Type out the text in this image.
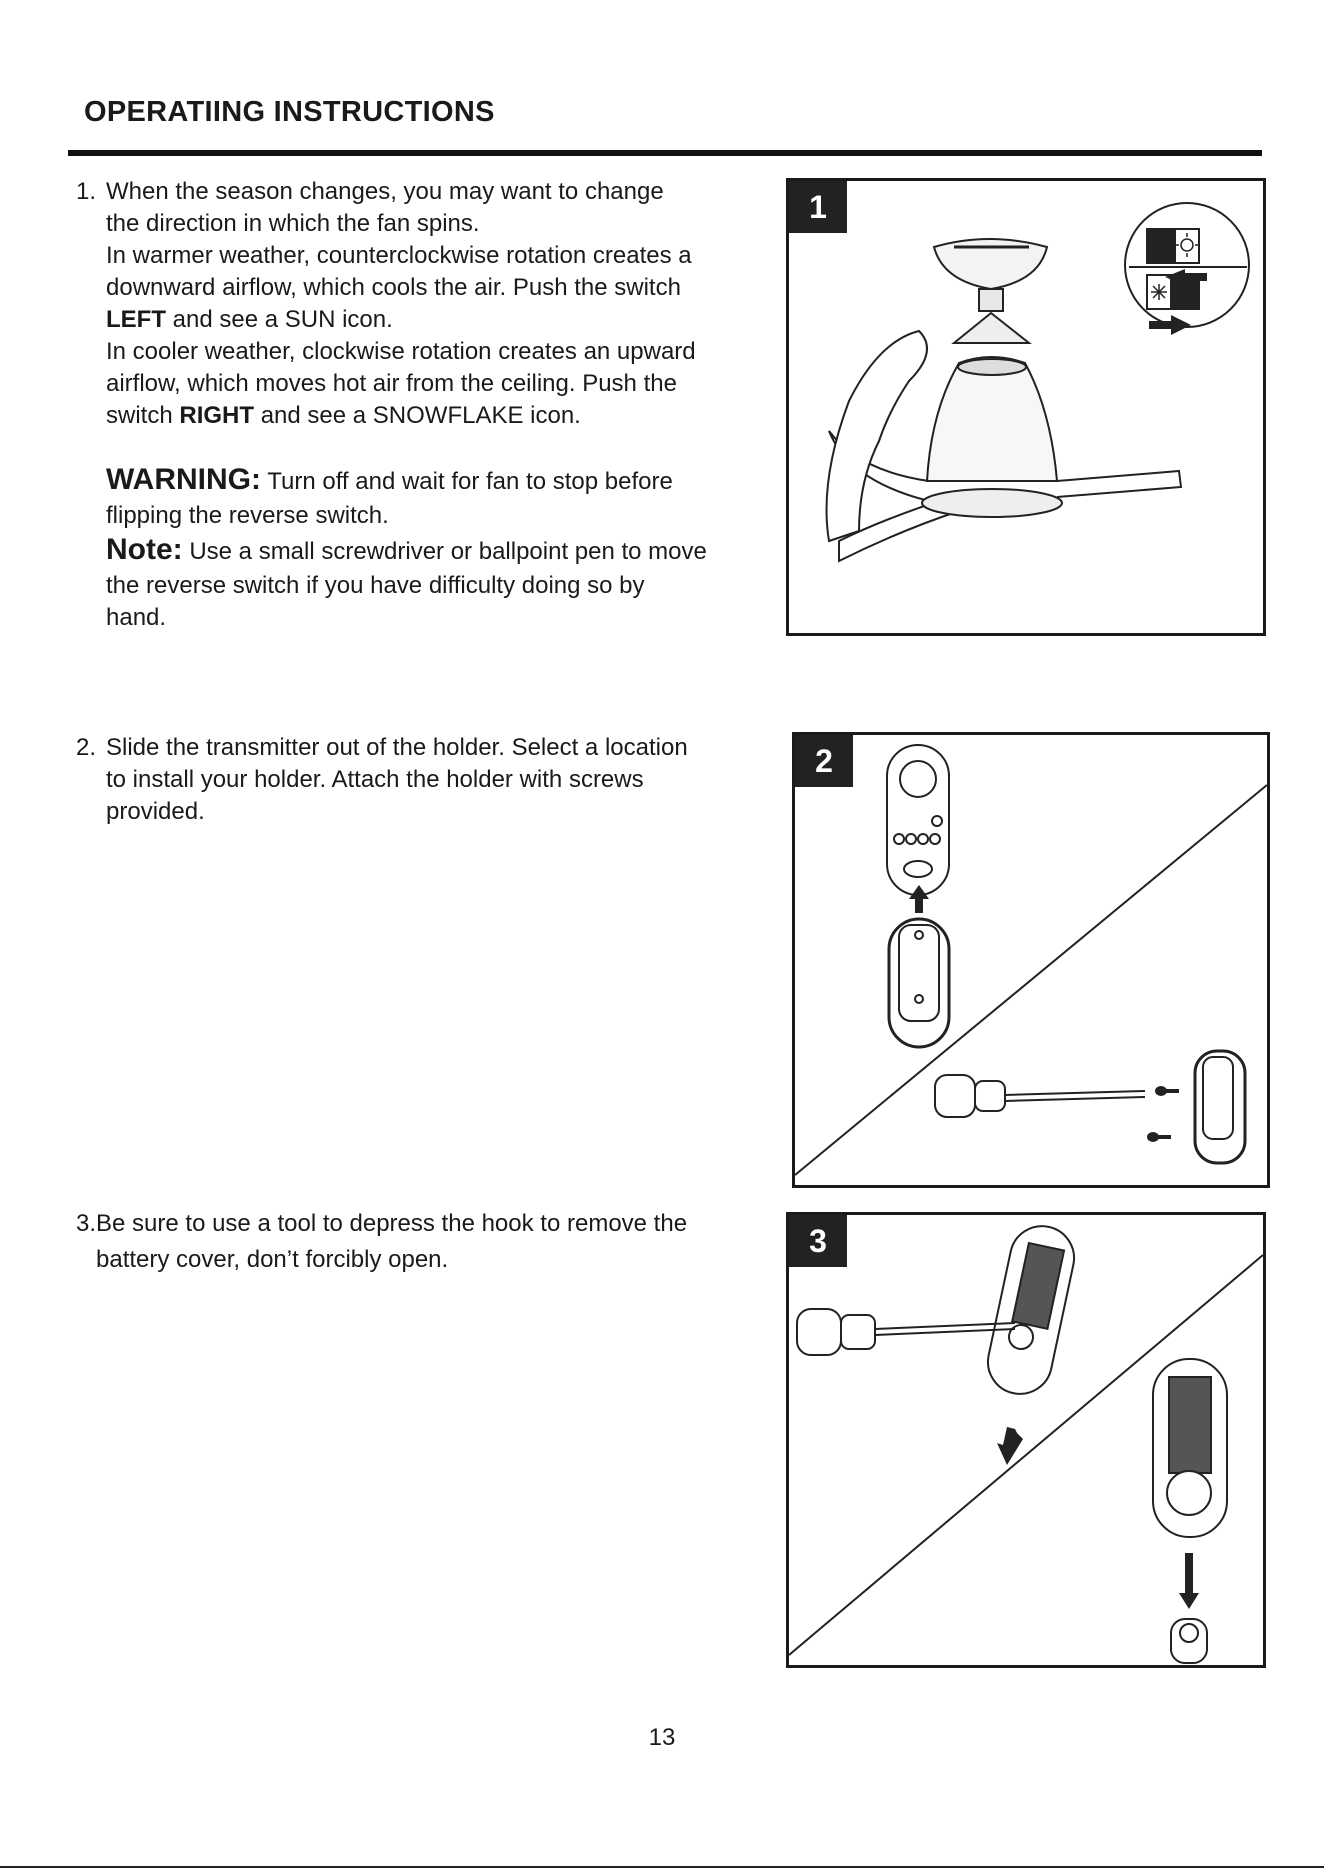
OPERATIING INSTRUCTIONS

1. When the season changes, you may want to change

the direction in which the fan spins.

In warmer weather, counterclockwise rotation creates a

downward airflow, which cools the air. Push the switch

LEFT and see a SUN icon.

In cooler weather, clockwise rotation creates an upward

airflow, which moves hot air from the ceiling. Push the

switch RIGHT and see a SNOWFLAKE icon.

WARNING: Turn off and wait for fan to stop before

flipping the reverse switch.

Note: Use a small screwdriver or ballpoint pen to move

the reverse switch if you have difficulty doing so by

hand.

2. Slide the transmitter out of the holder. Select a location

to install your holder. Attach the holder with screws

provided.

3.Be sure to use a tool to depress the hook to remove the

battery cover, don’t forcibly open.

1
2
3
13
